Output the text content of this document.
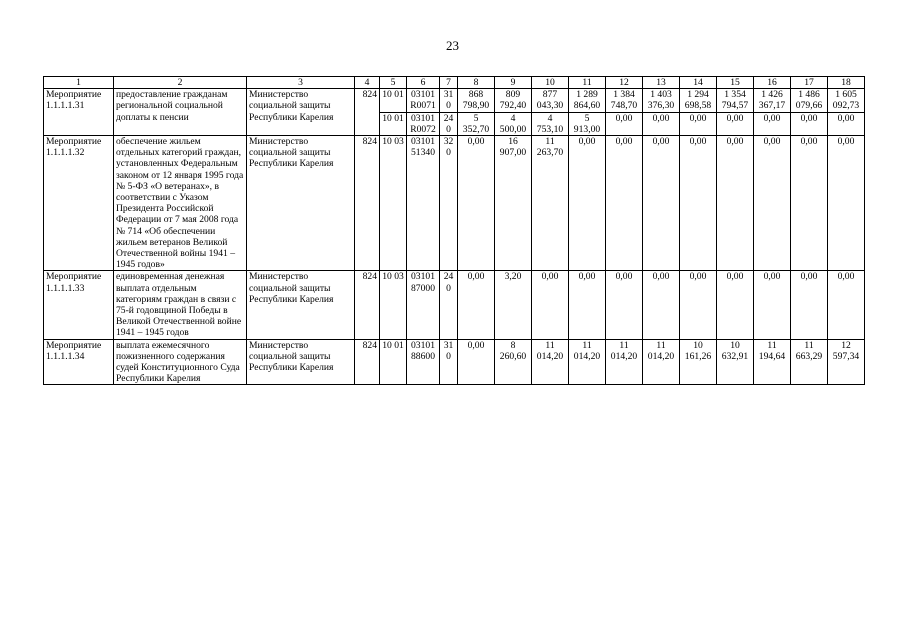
23
1	2	3	4	5	6	7	8	9	10	11	12	13	14	15	16	17	18
Мероприятие 1.1.1.1.31	предоставление гражданам региональной социальной доплаты к пенсии	Министерство социальной защиты Республики Карелия	824	10 01	03101 R0071	310	868 798,90	809 792,40	877 043,30	1 289 864,60	1 384 748,70	1 403 376,30	1 294 698,58	1 354 794,57	1 426 367,17	1 486 079,66	1 605 092,73
				10 01	03101 R0072	240	5 352,70	4 500,00	4 753,10	5 913,00	0,00	0,00	0,00	0,00	0,00	0,00	0,00
Мероприятие 1.1.1.1.32	обеспечение жильем отдельных категорий граждан, установленных Федеральным законом от 12 января 1995 года № 5-ФЗ «О ветеранах», в соответствии с Указом Президента Российской Федерации от 7 мая 2008 года № 714 «Об обеспечении жильем ветеранов Великой Отечественной войны 1941 – 1945 годов»	Министерство социальной защиты Республики Карелия	824	10 03	03101 51340	320	0,00	16 907,00	11 263,70	0,00	0,00	0,00	0,00	0,00	0,00	0,00	0,00
Мероприятие 1.1.1.1.33	единовременная денежная выплата отдельным категориям граждан в связи с 75-й годовщиной Победы в Великой Отечественной войне 1941 – 1945 годов	Министерство социальной защиты Республики Карелия	824	10 03	03101 87000	240	0,00	3,20	0,00	0,00	0,00	0,00	0,00	0,00	0,00	0,00	0,00
Мероприятие 1.1.1.1.34	выплата ежемесячного пожизненного содержания судей Конституционного Суда Республики Карелия	Министерство социальной защиты Республики Карелия	824	10 01	03101 88600	310	0,00	8 260,60	11 014,20	11 014,20	11 014,20	11 014,20	10 161,26	10 632,91	11 194,64	11 663,29	12 597,34
